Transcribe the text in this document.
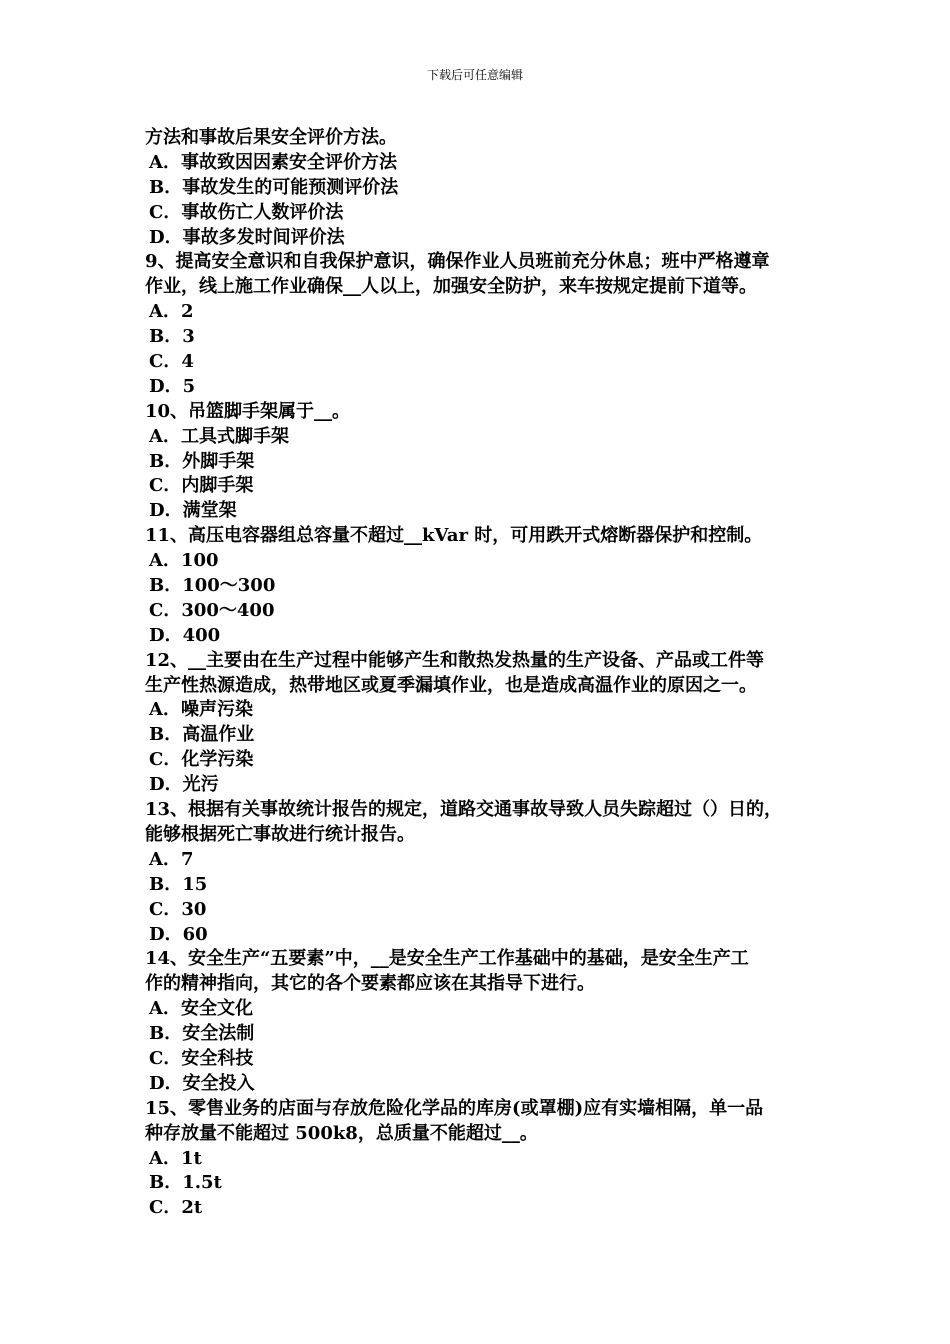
下载后可任意编辑
方法和事故后果安全评价方法。
A．事故致因因素安全评价方法
B．事故发生的可能预测评价法
C．事故伤亡人数评价法
D．事故多发时间评价法
9、提高安全意识和自我保护意识，确保作业人员班前充分休息；班中严格遵章
作业，线上施工作业确保__人以上，加强安全防护，来车按规定提前下道等。
A．2
B．3
C．4
D．5
10、吊篮脚手架属于__。
A．工具式脚手架
B．外脚手架
C．内脚手架
D．满堂架
11、高压电容器组总容量不超过__kVar 时，可用跌开式熔断器保护和控制。
A．100
B．100～300
C．300～400
D．400
12、__主要由在生产过程中能够产生和散热发热量的生产设备、产品或工件等
生产性热源造成，热带地区或夏季漏填作业，也是造成高温作业的原因之一。
A．噪声污染
B．高温作业
C．化学污染
D．光污
13、根据有关事故统计报告的规定，道路交通事故导致人员失踪超过（）日的，
能够根据死亡事故进行统计报告。
A．7
B．15
C．30
D．60
14、安全生产“五要素”中，__是安全生产工作基础中的基础，是安全生产工
作的精神指向，其它的各个要素都应该在其指导下进行。
A．安全文化
B．安全法制
C．安全科技
D．安全投入
15、零售业务的店面与存放危险化学品的库房(或罩棚)应有实墙相隔，单一品
种存放量不能超过 500k8，总质量不能超过__。
A．1t
B．1.5t
C．2t
